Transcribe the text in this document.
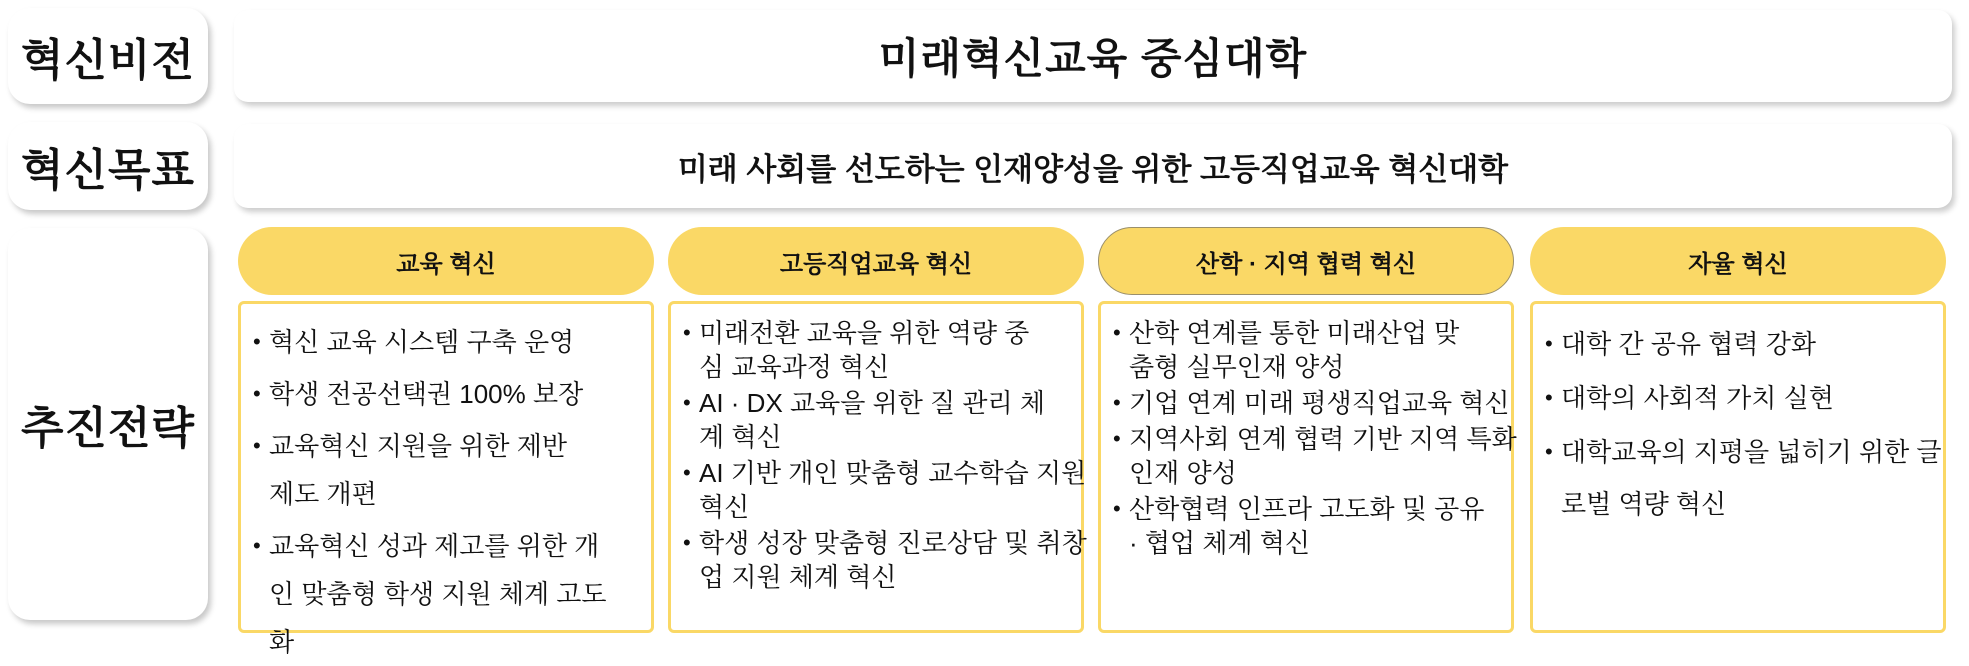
혁신비전
혁신목표
추진전략
미래혁신교육 중심대학
미래 사회를 선도하는 인재양성을 위한 고등직업교육 혁신대학
교육 혁신
• 혁신 교육 시스템 구축 운영
• 학생 전공선택권 100% 보장
• 교육혁신 지원을 위한 제반 제도 개편
• 교육혁신 성과 제고를 위한 개인 맞춤형 학생 지원 체계 고도화
고등직업교육 혁신
• 미래전환 교육을 위한 역량 중심 교육과정 혁신
• AI · DX 교육을 위한 질 관리 체계 혁신
• AI 기반 개인 맞춤형 교수학습 지원 혁신
• 학생 성장 맞춤형 진로상담 및 취창업 지원 체계 혁신
산학 · 지역 협력 혁신
• 산학 연계를 통한 미래산업 맞춤형 실무인재 양성
• 기업 연계 미래 평생직업교육 혁신
• 지역사회 연계 협력 기반 지역 특화 인재 양성
• 산학협력 인프라 고도화 및 공유 · 협업 체계 혁신
자율 혁신
• 대학 간 공유 협력 강화
• 대학의 사회적 가치 실현
• 대학교육의 지평을 넓히기 위한 글로벌 역량 혁신
